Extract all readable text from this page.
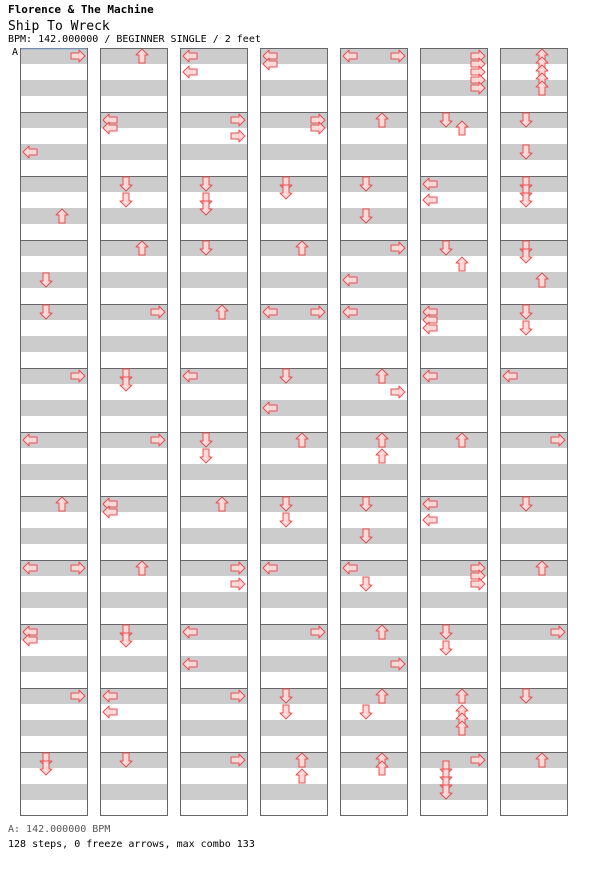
Florence & The Machine
Ship To Wreck
BPM: 142.000000 / BEGINNER SINGLE / 2 feet
A
A: 142.000000 BPM
128 steps, 0 freeze arrows, max combo 133
